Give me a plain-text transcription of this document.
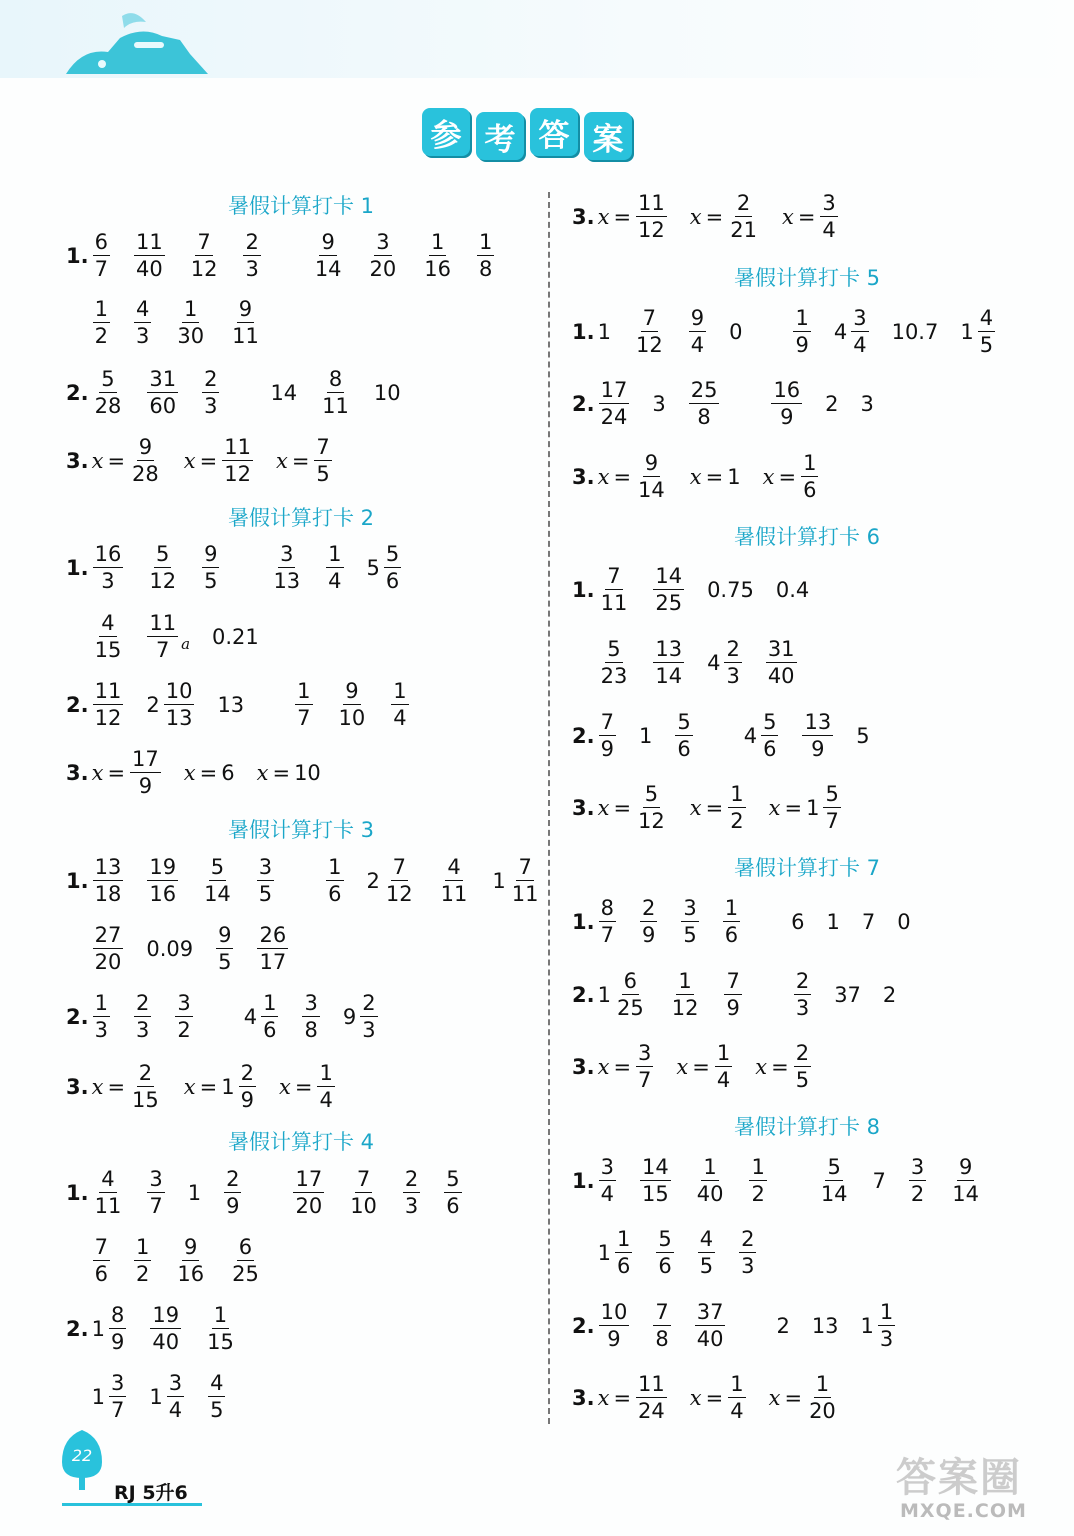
参 考 答 案
暑假计算打卡 1
1. $\frac{6}{7} \frac{11}{40} \frac{7}{12} \frac{2}{3} \frac{9}{14} \frac{3}{20} \frac{1}{16} \frac{1}{8}$
$\frac{1}{2} \frac{4}{3} \frac{1}{30} \frac{9}{11}$
2. $\frac{5}{28} \frac{31}{60} \frac{2}{3} 14 \frac{8}{11} 10$
3. $x = \frac{9}{28}$ $x = \frac{11}{12}$ $x = \frac{7}{5}$
暑假计算打卡 2
1. $\frac{16}{3} \frac{5}{12} \frac{9}{5} \frac{3}{13} \frac{1}{4} 5 \frac{5}{6}$
$\frac{4}{15} \frac{11}{7}$ a 0.21
2. $\frac{11}{12} 2 \frac{10}{13} 13 \frac{1}{7} \frac{9}{10} \frac{1}{4}$
3. $x = \frac{17}{9}$ x = 6 x = 10
暑假计算打卡 3
1. $\frac{13}{18} \frac{19}{16} \frac{5}{14} \frac{3}{5} \frac{1}{6} 2 \frac{7}{12} \frac{4}{11} 1 \frac{7}{11}$
$\frac{27}{20} 0.09 \frac{9}{5} \frac{26}{17}$
2. $\frac{1}{3} \frac{2}{3} \frac{3}{2} 4 \frac{1}{6} \frac{3}{8} 9 \frac{2}{3}$
3. $x = \frac{2}{15}$ $x = 1 \frac{2}{9}$ $x = \frac{1}{4}$
暑假计算打卡 4
1. $\frac{4}{11} \frac{3}{7} 1 \frac{2}{9} \frac{17}{20} \frac{7}{10} \frac{2}{3} \frac{5}{6}$
$\frac{7}{6} \frac{1}{2} \frac{9}{16} \frac{6}{25}$
2. $1 \frac{8}{9} \frac{19}{40} \frac{1}{15}$
$1 \frac{3}{7} 1 \frac{3}{4} \frac{4}{5}$
3. $x = \frac{11}{12}$ $x = \frac{2}{21}$ $x = \frac{3}{4}$
暑假计算打卡 5
1. $1 \frac{7}{12} \frac{9}{4} 0 \frac{1}{9} 4 \frac{3}{4} 10.7$ $1 \frac{4}{5}$
2. $\frac{17}{24} 3 \frac{25}{8} \frac{16}{9} 2$ 3
3. $x = \frac{9}{14}$ x = 1 $x = \frac{1}{6}$
暑假计算打卡 6
1. $\frac{7}{11} \frac{14}{25} 0.75$ 0.4
$\frac{5}{23} \frac{13}{14} 4 \frac{2}{3} \frac{31}{40}$
2. $\frac{7}{9} 1 \frac{5}{6} 4 \frac{5}{6} \frac{13}{9} 5$
3. $x = \frac{5}{12}$ $x = \frac{1}{2}$ $x = 1 \frac{5}{7}$
暑假计算打卡 7
1. $\frac{8}{7} \frac{2}{9} \frac{3}{5} \frac{1}{6} 6$ 1 7 0
2. $1 \frac{6}{25} \frac{1}{12} \frac{7}{9} \frac{2}{3} 37$ 2
3. $x = \frac{3}{7}$ $x = \frac{1}{4}$ $x = \frac{2}{5}$
暑假计算打卡 8
1. $\frac{3}{4} \frac{14}{15} \frac{1}{40} \frac{1}{2} \frac{5}{14} 7 \frac{3}{2} \frac{9}{14}$
$1 \frac{1}{6} \frac{5}{6} \frac{4}{5} \frac{2}{3}$
2. $\frac{10}{9} \frac{7}{8} \frac{37}{40} 2$ 13 $1 \frac{1}{3}$
3. $x = \frac{11}{24}$ $x = \frac{1}{4}$ $x = \frac{1}{20}$
22
RJ 5升6	答案圈
MXQE.COM
